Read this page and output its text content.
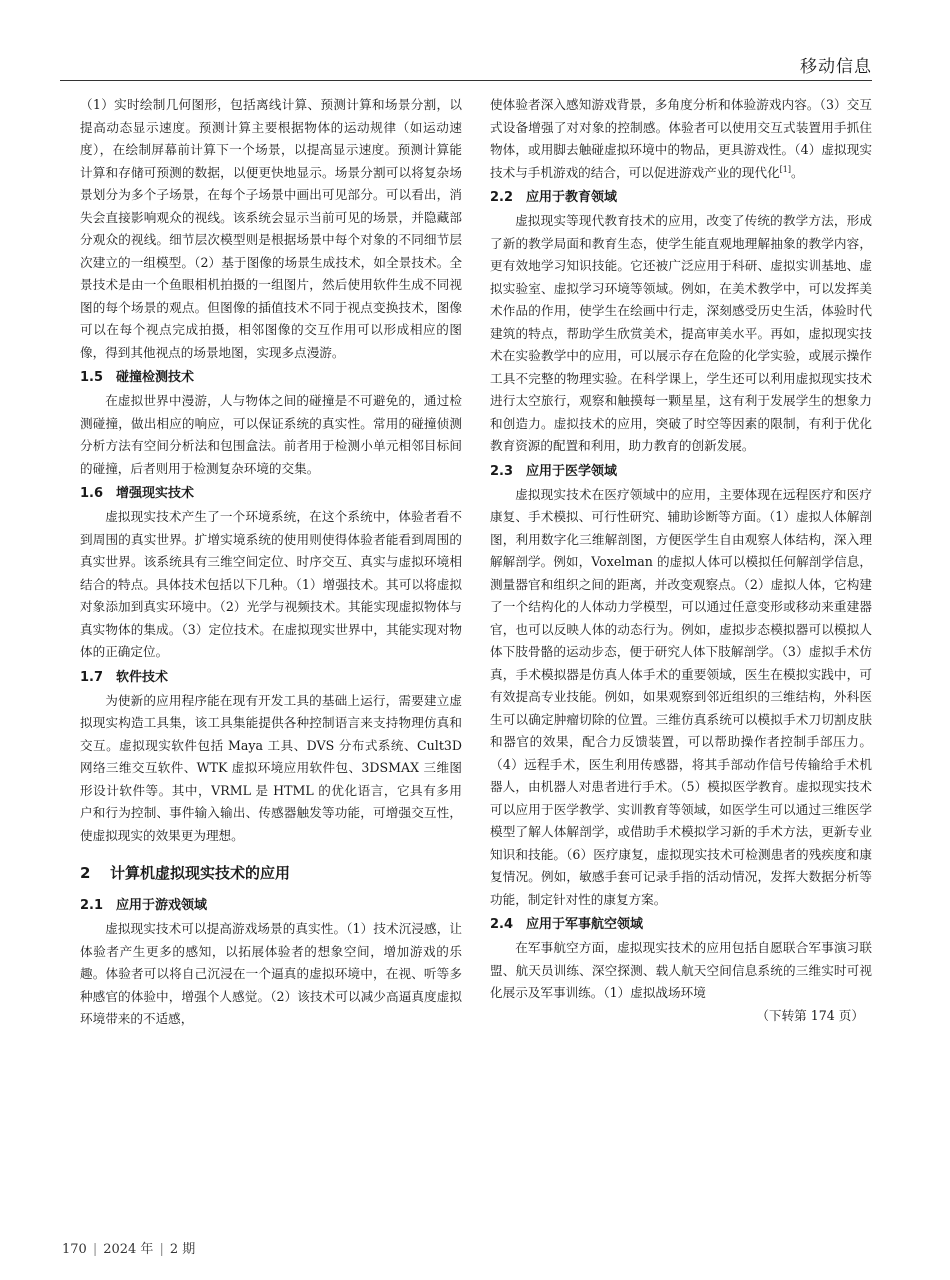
移动信息

（1）实时绘制几何图形，包括离线计算、预测计算和场景分割，以提高动态显示速度。预测计算主要根据物体的运动规律（如运动速度），在绘制屏幕前计算下一个场景，以提高显示速度。预测计算能计算和存储可预测的数据，以便更快地显示。场景分割可以将复杂场景划分为多个子场景，在每个子场景中画出可见部分。可以看出，消失会直接影响观众的视线。该系统会显示当前可见的场景，并隐藏部分观众的视线。细节层次模型则是根据场景中每个对象的不同细节层次建立的一组模型。（2）基于图像的场景生成技术，如全景技术。全景技术是由一个鱼眼相机拍摄的一组图片，然后使用软件生成不同视图的每个场景的观点。但图像的插值技术不同于视点变换技术，图像可以在每个视点完成拍摄，相邻图像的交互作用可以形成相应的图像，得到其他视点的场景地图，实现多点漫游。

1.5 碰撞检测技术

在虚拟世界中漫游，人与物体之间的碰撞是不可避免的，通过检测碰撞，做出相应的响应，可以保证系统的真实性。常用的碰撞侦测分析方法有空间分析法和包围盒法。前者用于检测小单元相邻目标间的碰撞，后者则用于检测复杂环境的交集。

1.6 增强现实技术

虚拟现实技术产生了一个环境系统，在这个系统中，体验者看不到周围的真实世界。扩增实境系统的使用则使得体验者能看到周围的真实世界。该系统具有三维空间定位、时序交互、真实与虚拟环境相结合的特点。具体技术包括以下几种。（1）增强技术。其可以将虚拟对象添加到真实环境中。（2）光学与视频技术。其能实现虚拟物体与真实物体的集成。（3）定位技术。在虚拟现实世界中，其能实现对物体的正确定位。

1.7 软件技术

为使新的应用程序能在现有开发工具的基础上运行，需要建立虚拟现实构造工具集，该工具集能提供各种控制语言来支持物理仿真和交互。虚拟现实软件包括 Maya 工具、DVS 分布式系统、Cult3D 网络三维交互软件、WTK 虚拟环境应用软件包、3DSMAX 三维图形设计软件等。其中，VRML 是 HTML 的优化语言，它具有多用户和行为控制、事件输入输出、传感器触发等功能，可增强交互性，使虚拟现实的效果更为理想。

2 计算机虚拟现实技术的应用
2.1 应用于游戏领域

虚拟现实技术可以提高游戏场景的真实性。（1）技术沉浸感，让体验者产生更多的感知，以拓展体验者的想象空间，增加游戏的乐趣。体验者可以将自己沉浸在一个逼真的虚拟环境中，在视、听等多种感官的体验中，增强个人感觉。（2）该技术可以减少高逼真度虚拟环境带来的不适感，

使体验者深入感知游戏背景，多角度分析和体验游戏内容。（3）交互式设备增强了对对象的控制感。体验者可以使用交互式装置用手抓住物体，或用脚去触碰虚拟环境中的物品，更具游戏性。（4）虚拟现实技术与手机游戏的结合，可以促进游戏产业的现代化[1]。

2.2 应用于教育领域

虚拟现实等现代教育技术的应用，改变了传统的教学方法，形成了新的教学局面和教育生态，使学生能直观地理解抽象的教学内容，更有效地学习知识技能。它还被广泛应用于科研、虚拟实训基地、虚拟实验室、虚拟学习环境等领域。例如，在美术教学中，可以发挥美术作品的作用，使学生在绘画中行走，深刻感受历史生活，体验时代建筑的特点，帮助学生欣赏美术，提高审美水平。再如，虚拟现实技术在实验教学中的应用，可以展示存在危险的化学实验，或展示操作工具不完整的物理实验。在科学课上，学生还可以利用虚拟现实技术进行太空旅行，观察和触摸每一颗星星，这有利于发展学生的想象力和创造力。虚拟技术的应用，突破了时空等因素的限制，有利于优化教育资源的配置和利用，助力教育的创新发展。

2.3 应用于医学领域

虚拟现实技术在医疗领域中的应用，主要体现在远程医疗和医疗康复、手术模拟、可行性研究、辅助诊断等方面。（1）虚拟人体解剖图，利用数字化三维解剖图，方便医学生自由观察人体结构，深入理解解剖学。例如，Voxelman 的虚拟人体可以模拟任何解剖学信息，测量器官和组织之间的距离，并改变观察点。（2）虚拟人体，它构建了一个结构化的人体动力学模型，可以通过任意变形或移动来重建器官，也可以反映人体的动态行为。例如，虚拟步态模拟器可以模拟人体下肢骨骼的运动步态，便于研究人体下肢解剖学。（3）虚拟手术仿真，手术模拟器是仿真人体手术的重要领域，医生在模拟实践中，可有效提高专业技能。例如，如果观察到邻近组织的三维结构，外科医生可以确定肿瘤切除的位置。三维仿真系统可以模拟手术刀切割皮肤和器官的效果，配合力反馈装置，可以帮助操作者控制手部压力。（4）远程手术，医生利用传感器，将其手部动作信号传输给手术机器人，由机器人对患者进行手术。（5）模拟医学教育。虚拟现实技术可以应用于医学教学、实训教育等领域，如医学生可以通过三维医学模型了解人体解剖学，或借助手术模拟学习新的手术方法，更新专业知识和技能。（6）医疗康复，虚拟现实技术可检测患者的残疾度和康复情况。例如，敏感手套可记录手指的活动情况，发挥大数据分析等功能，制定针对性的康复方案。

2.4 应用于军事航空领域

在军事航空方面，虚拟现实技术的应用包括自愿联合军事演习联盟、航天员训练、深空探测、载人航天空间信息系统的三维实时可视化展示及军事训练。（1）虚拟战场环境

（下转第 174 页）

170 | 2024 年 | 2 期
